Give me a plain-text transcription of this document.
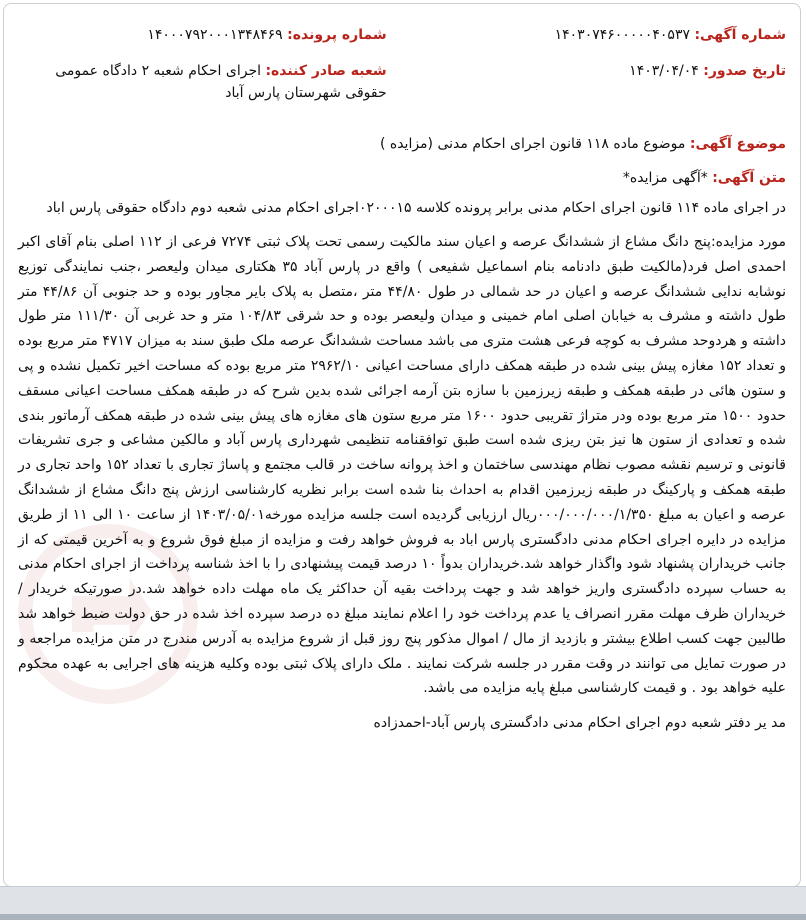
شماره آگهی: ۱۴۰۳۰۷۴۶۰۰۰۰۰۴۰۵۳۷
تاریخ صدور: ۱۴۰۳/۰۴/۰۴
شماره پرونده: ۱۴۰۰۰۷۹۲۰۰۰۱۳۴۸۴۶۹
شعبه صادر کننده: اجرای احکام شعبه ۲ دادگاه عمومی حقوقی شهرستان پارس آباد
موضوع آگهی: موضوع ماده ۱۱۸ قانون اجرای احکام مدنی (مزایده )
متن آگهی: *آگهی مزایده*
در اجرای ماده ۱۱۴ قانون اجرای احکام مدنی برابر پرونده کلاسه ۰۲۰۰۰۱۵اجرای احکام مدنی شعبه دوم دادگاه حقوقی پارس اباد
مورد مزایده:پنج دانگ مشاع از ششدانگ عرصه و اعیان سند مالکیت رسمی تحت پلاک ثبتی ۷۲۷۴ فرعی از ۱۱۲ اصلی بنام آقای اکبر احمدی اصل فرد(مالکیت طبق دادنامه بنام اسماعیل شفیعی ) واقع در پارس آباد ۳۵ هکتاری میدان ولیعصر ،جنب نمایندگی توزیع نوشابه ندایی ششدانگ عرصه و اعیان در حد شمالی در طول ۴۴/۸۰ متر ،متصل به پلاک بایر مجاور بوده و حد جنوبی آن ۴۴/۸۶ متر طول داشته و مشرف به خیابان اصلی امام خمینی و میدان ولیعصر بوده و حد شرقی ۱۰۴/۸۳ متر و حد غربی آن ۱۱۱/۳۰ متر طول داشته و هردوحد مشرف به کوچه فرعی هشت متری می باشد مساحت ششدانگ عرصه ملک طبق سند به میزان ۴۷۱۷ متر مربع بوده و تعداد ۱۵۲ مغازه پیش بینی شده در طبقه همکف دارای مساحت اعیانی ۲۹۶۲/۱۰ متر مربع بوده که مساحت اخیر تکمیل نشده و پی و ستون هائی در طبقه همکف و طبقه زیرزمین با سازه بتن آرمه اجرائی شده بدین شرح که در طبقه همکف مساحت اعیانی مسقف حدود ۱۵۰۰ متر مربع بوده ودر متراژ تقریبی حدود ۱۶۰۰ متر مربع ستون های مغازه های پیش بینی شده در طبقه همکف آرماتور بندی شده و تعدادی از ستون ها نیز بتن ریزی شده است طبق توافقنامه تنظیمی شهرداری پارس آباد و مالکین مشاعی و جری تشریفات قانونی و ترسیم نقشه مصوب نظام مهندسی ساختمان و اخذ پروانه ساخت در قالب مجتمع و پاساژ تجاری با تعداد ۱۵۲ واحد تجاری در طبقه همکف و پارکینگ در طبقه زیرزمین اقدام به احداث بنا شده است برابر نظریه کارشناسی ارزش پنج دانگ مشاع از ششدانگ عرصه و اعیان به مبلغ ۰۰۰/۰۰۰/۰۰۰/۱/۳۵۰ریال ارزیابی گردیده است جلسه مزایده مورخه۱۴۰۳/۰۵/۰۱ از ساعت ۱۰ الی ۱۱ از طریق مزایده در دایره اجرای احکام مدنی دادگستری پارس اباد به فروش خواهد رفت و مزایده از مبلغ فوق شروع و به آخرین قیمتی که از جانب خریداران پشنهاد شود واگذار خواهد شد.خریداران بدواً ۱۰ درصد قیمت پیشنهادی را با اخذ شناسه پرداخت از اجرای احکام مدنی به حساب سپرده دادگستری واریز خواهد شد و جهت پرداخت بقیه آن حداکثر یک ماه مهلت داده خواهد شد.در صورتیکه خریدار / خریداران ظرف مهلت مقرر انصراف یا عدم پرداخت خود را اعلام نمایند مبلغ ده درصد سپرده اخذ شده در حق دولت ضبط خواهد شد طالبین جهت کسب اطلاع بیشتر و بازدید از مال / اموال مذکور پنج روز قبل از شروع مزایده به آدرس مندرج در متن مزایده مراجعه و در صورت تمایل می توانند در وقت مقرر در جلسه شرکت نمایند . ملک دارای پلاک ثبتی بوده وکلیه هزینه های اجرایی به عهده محکوم علیه خواهد بود . و قیمت کارشناسی مبلغ پایه مزایده می باشد.
مد یر دفتر شعبه دوم اجرای احکام مدنی دادگستری پارس آباد-احمدزاده
